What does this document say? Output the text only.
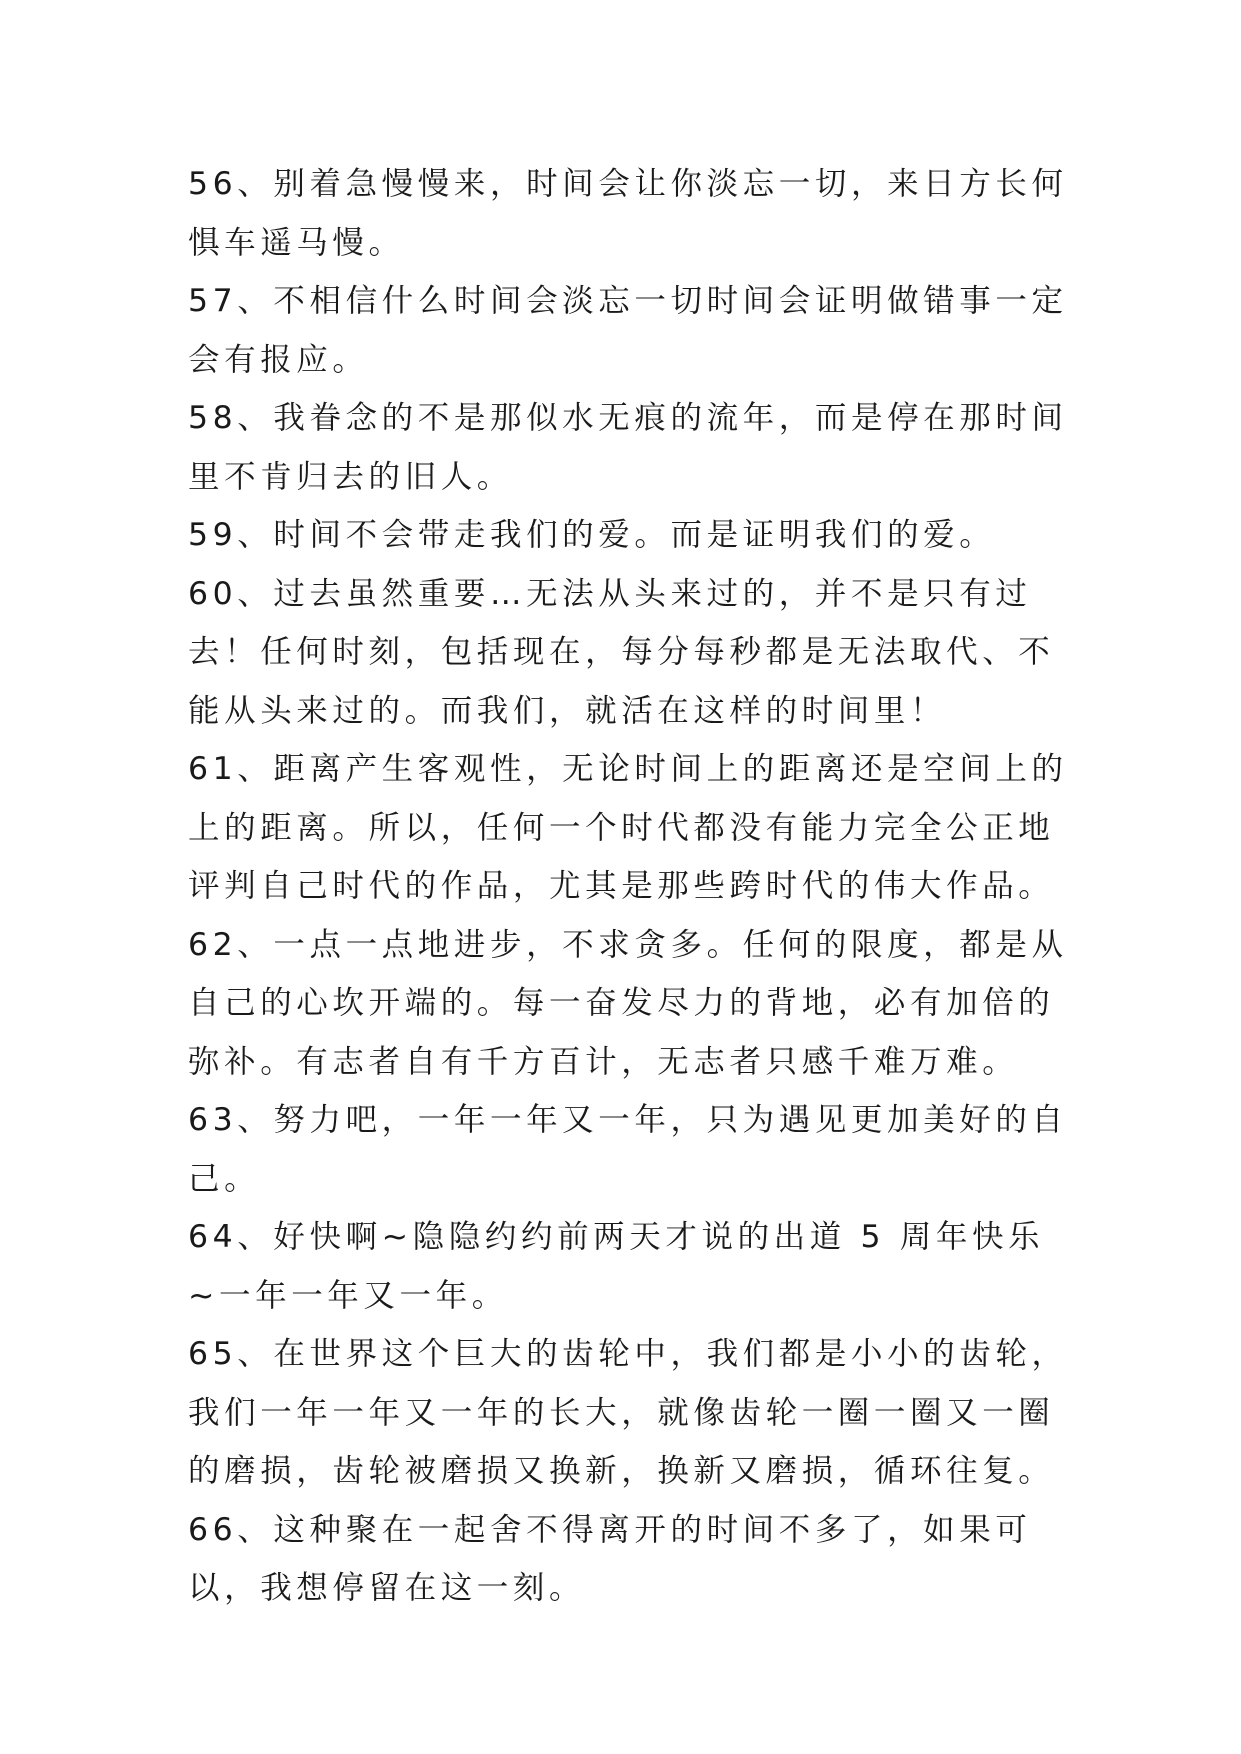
56、别着急慢慢来，时间会让你淡忘一切，来日方长何惧车遥马慢。

57、不相信什么时间会淡忘一切时间会证明做错事一定会有报应。

58、我眷念的不是那似水无痕的流年，而是停在那时间里不肯归去的旧人。

59、时间不会带走我们的爱。而是证明我们的爱。

60、过去虽然重要…无法从头来过的，并不是只有过去！任何时刻，包括现在，每分每秒都是无法取代、不能从头来过的。而我们，就活在这样的时间里！

61、距离产生客观性，无论时间上的距离还是空间上的上的距离。所以，任何一个时代都没有能力完全公正地评判自己时代的作品，尤其是那些跨时代的伟大作品。

62、一点一点地进步，不求贪多。任何的限度，都是从自己的心坎开端的。每一奋发尽力的背地，必有加倍的弥补。有志者自有千方百计，无志者只感千难万难。

63、努力吧，一年一年又一年，只为遇见更加美好的自己。

64、好快啊~隐隐约约前两天才说的出道 5 周年快乐~一年一年又一年。

65、在世界这个巨大的齿轮中，我们都是小小的齿轮，我们一年一年又一年的长大，就像齿轮一圈一圈又一圈的磨损，齿轮被磨损又换新，换新又磨损，循环往复。

66、这种聚在一起舍不得离开的时间不多了，如果可以，我想停留在这一刻。
